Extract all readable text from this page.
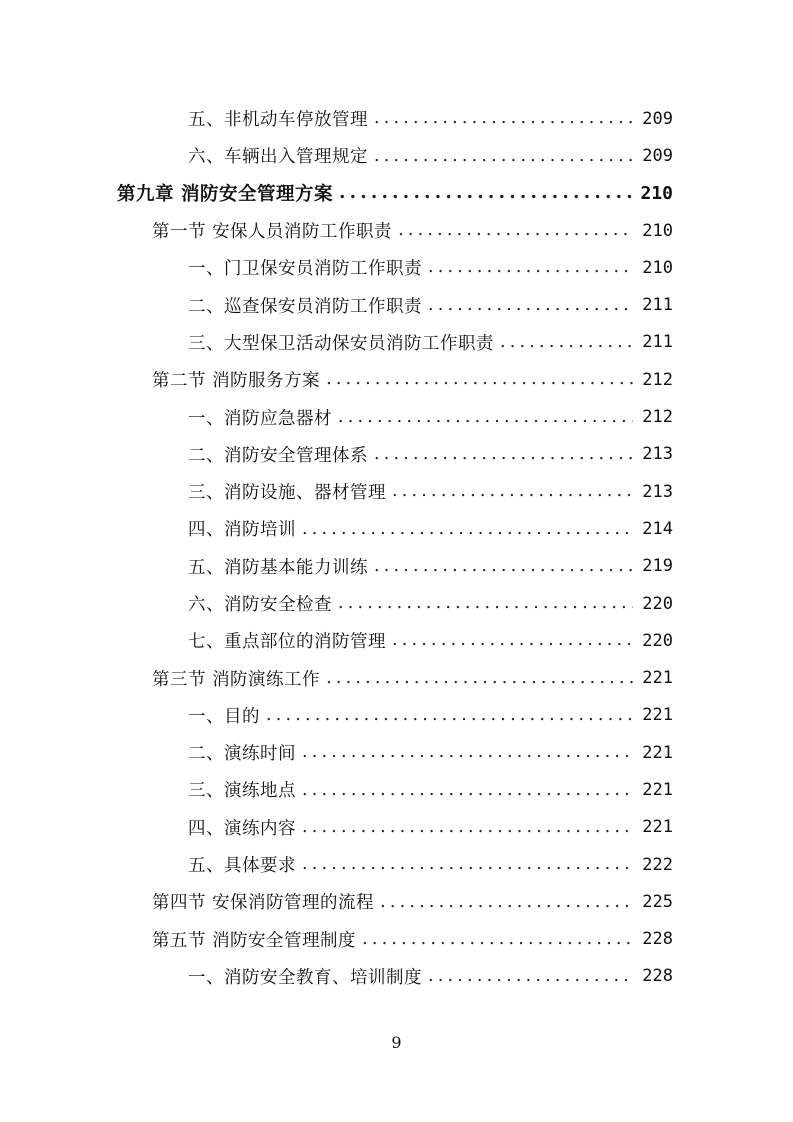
五、非机动车停放管理 .....	209
六、车辆出入管理规定 .....	209
第九章 消防安全管理方案 .....	210
第一节 安保人员消防工作职责 .....	210
一、门卫保安员消防工作职责 .....	210
二、巡查保安员消防工作职责 .....	211
三、大型保卫活动保安员消防工作职责 .....	211
第二节 消防服务方案 .....	212
一、消防应急器材 .....	212
二、消防安全管理体系 .....	213
三、消防设施、器材管理 .....	213
四、消防培训 .....	214
五、消防基本能力训练 .....	219
六、消防安全检查 .....	220
七、重点部位的消防管理 .....	220
第三节 消防演练工作 .....	221
一、目的 .....	221
二、演练时间 .....	221
三、演练地点 .....	221
四、演练内容 .....	221
五、具体要求 .....	222
第四节 安保消防管理的流程 .....	225
第五节 消防安全管理制度 .....	228
一、消防安全教育、培训制度 .....	228
9
